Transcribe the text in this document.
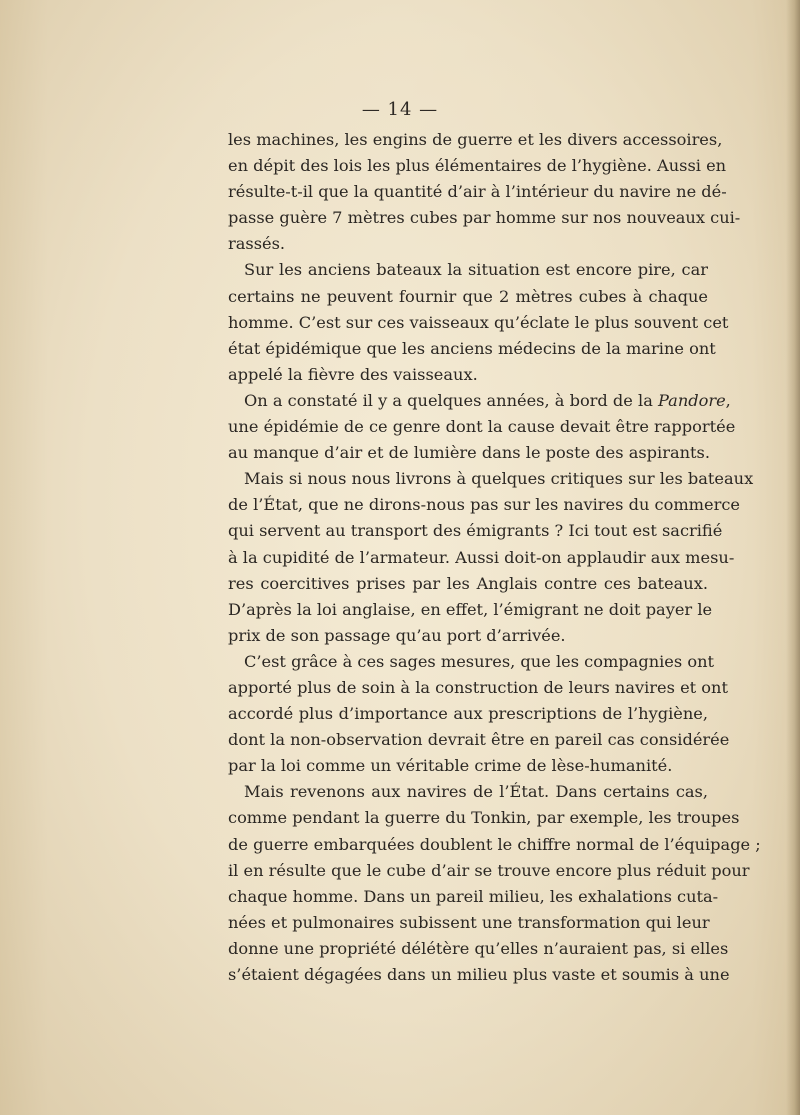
— 14 —
les machines, les engins de guerre et les divers accessoires,
en dépit des lois les plus élémentaires de l’hygiène. Aussi en
résulte-t-il que la quantité d’air à l’intérieur du navire ne dé-
passe guère 7 mètres cubes par homme sur nos nouveaux cui-
rassés.
Sur les anciens bateaux la situation est encore pire, car
certains ne peuvent fournir que 2 mètres cubes à chaque
homme. C’est sur ces vaisseaux qu’éclate le plus souvent cet
état épidémique que les anciens médecins de la marine ont
appelé la fièvre des vaisseaux.
On a constaté il y a quelques années, à bord de la Pandore,
une épidémie de ce genre dont la cause devait être rapportée
au manque d’air et de lumière dans le poste des aspirants.
Mais si nous nous livrons à quelques critiques sur les bateaux
de l’État, que ne dirons-nous pas sur les navires du commerce
qui servent au transport des émigrants ? Ici tout est sacrifié
à la cupidité de l’armateur. Aussi doit-on applaudir aux mesu-
res coercitives prises par les Anglais contre ces bateaux.
D’après la loi anglaise, en effet, l’émigrant ne doit payer le
prix de son passage qu’au port d’arrivée.
C’est grâce à ces sages mesures, que les compagnies ont
apporté plus de soin à la construction de leurs navires et ont
accordé plus d’importance aux prescriptions de l’hygiène,
dont la non-observation devrait être en pareil cas considérée
par la loi comme un véritable crime de lèse-humanité.
Mais revenons aux navires de l’État. Dans certains cas,
comme pendant la guerre du Tonkin, par exemple, les troupes
de guerre embarquées doublent le chiffre normal de l’équipage ;
il en résulte que le cube d’air se trouve encore plus réduit pour
chaque homme. Dans un pareil milieu, les exhalations cuta-
nées et pulmonaires subissent une transformation qui leur
donne une propriété délétère qu’elles n’auraient pas, si elles
s’étaient dégagées dans un milieu plus vaste et soumis à une
